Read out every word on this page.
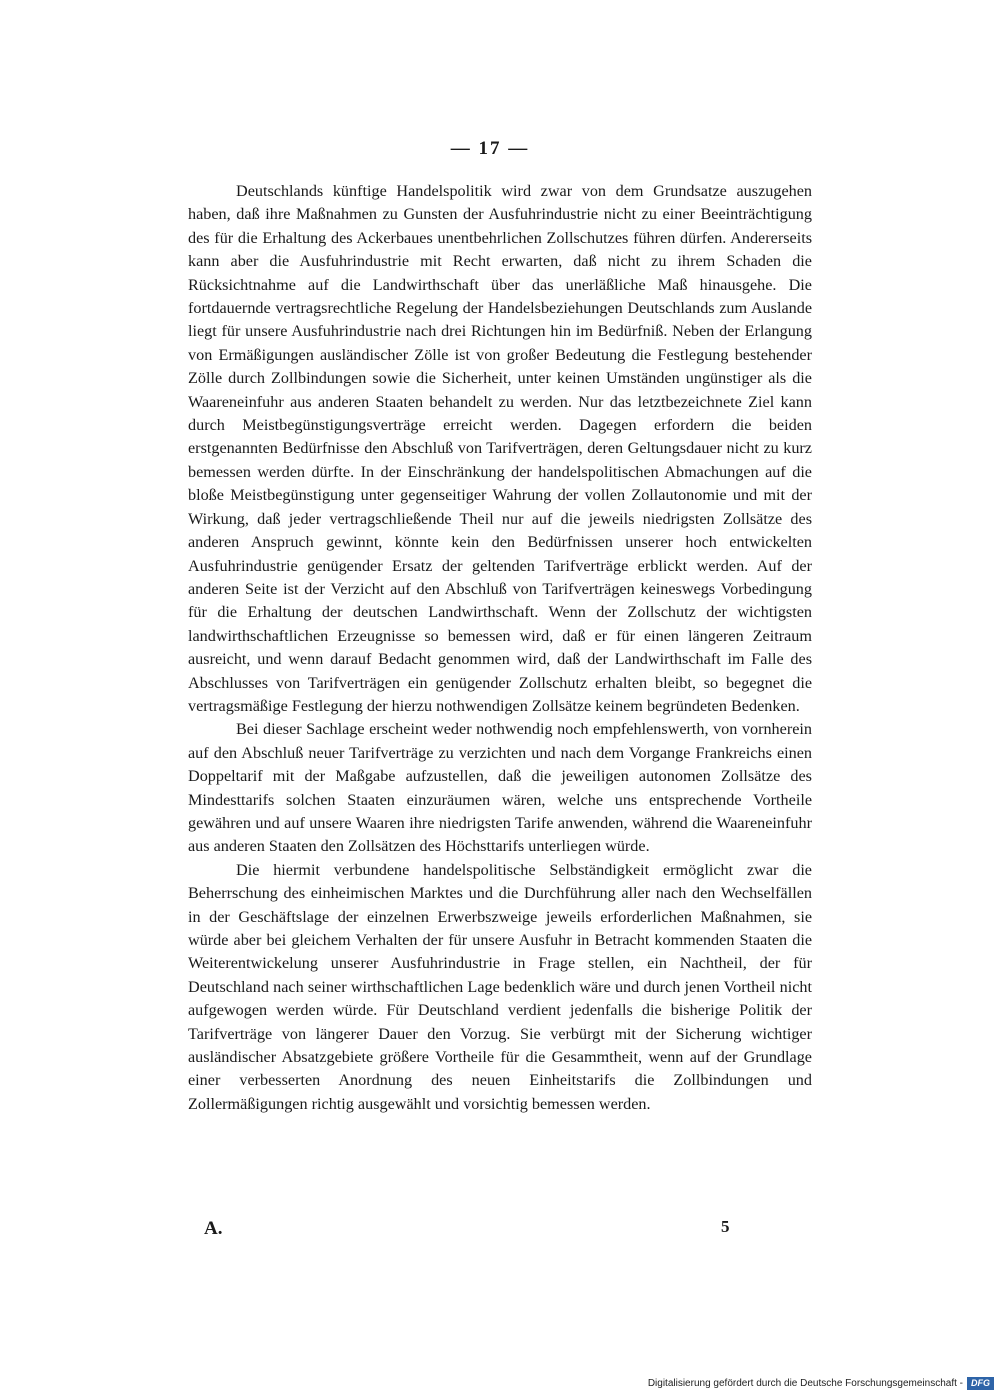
— 17 —

Deutschlands künftige Handelspolitik wird zwar von dem Grundsatze auszugehen haben, daß ihre Maßnahmen zu Gunsten der Ausfuhrindustrie nicht zu einer Beeinträchtigung des für die Erhaltung des Ackerbaues unentbehrlichen Zollschutzes führen dürfen. Andererseits kann aber die Ausfuhrindustrie mit Recht erwarten, daß nicht zu ihrem Schaden die Rücksichtnahme auf die Landwirthschaft über das unerläßliche Maß hinausgehe. Die fortdauernde vertragsrechtliche Regelung der Handelsbeziehungen Deutschlands zum Auslande liegt für unsere Ausfuhrindustrie nach drei Richtungen hin im Bedürfniß. Neben der Erlangung von Ermäßigungen ausländischer Zölle ist von großer Bedeutung die Festlegung bestehender Zölle durch Zollbindungen sowie die Sicherheit, unter keinen Umständen ungünstiger als die Waareneinfuhr aus anderen Staaten behandelt zu werden. Nur das letztbezeichnete Ziel kann durch Meistbegünstigungsverträge erreicht werden. Dagegen erfordern die beiden erstgenannten Bedürfnisse den Abschluß von Tarifverträgen, deren Geltungsdauer nicht zu kurz bemessen werden dürfte. In der Einschränkung der handelspolitischen Abmachungen auf die bloße Meistbegünstigung unter gegenseitiger Wahrung der vollen Zollautonomie und mit der Wirkung, daß jeder vertragschließende Theil nur auf die jeweils niedrigsten Zollsätze des anderen Anspruch gewinnt, könnte kein den Bedürfnissen unserer hoch entwickelten Ausfuhrindustrie genügender Ersatz der geltenden Tarifverträge erblickt werden. Auf der anderen Seite ist der Verzicht auf den Abschluß von Tarifverträgen keineswegs Vorbedingung für die Erhaltung der deutschen Landwirthschaft. Wenn der Zollschutz der wichtigsten landwirthschaftlichen Erzeugnisse so bemessen wird, daß er für einen längeren Zeitraum ausreicht, und wenn darauf Bedacht genommen wird, daß der Landwirthschaft im Falle des Abschlusses von Tarifverträgen ein genügender Zollschutz erhalten bleibt, so begegnet die vertragsmäßige Festlegung der hierzu nothwendigen Zollsätze keinem begründeten Bedenken.

Bei dieser Sachlage erscheint weder nothwendig noch empfehlenswerth, von vornherein auf den Abschluß neuer Tarifverträge zu verzichten und nach dem Vorgange Frankreichs einen Doppeltarif mit der Maßgabe aufzustellen, daß die jeweiligen autonomen Zollsätze des Mindesttarifs solchen Staaten einzuräumen wären, welche uns entsprechende Vortheile gewähren und auf unsere Waaren ihre niedrigsten Tarife anwenden, während die Waareneinfuhr aus anderen Staaten den Zollsätzen des Höchsttarifs unterliegen würde.

Die hiermit verbundene handelspolitische Selbständigkeit ermöglicht zwar die Beherrschung des einheimischen Marktes und die Durchführung aller nach den Wechselfällen in der Geschäftslage der einzelnen Erwerbszweige jeweils erforderlichen Maßnahmen, sie würde aber bei gleichem Verhalten der für unsere Ausfuhr in Betracht kommenden Staaten die Weiterentwickelung unserer Ausfuhrindustrie in Frage stellen, ein Nachtheil, der für Deutschland nach seiner wirthschaftlichen Lage bedenklich wäre und durch jenen Vortheil nicht aufgewogen werden würde. Für Deutschland verdient jedenfalls die bisherige Politik der Tarifverträge von längerer Dauer den Vorzug. Sie verbürgt mit der Sicherung wichtiger ausländischer Absatzgebiete größere Vortheile für die Gesammtheit, wenn auf der Grundlage einer verbesserten Anordnung des neuen Einheitstarifs die Zollbindungen und Zollermäßigungen richtig ausgewählt und vorsichtig bemessen werden.

A.	5
Digitalisierung gefördert durch die Deutsche Forschungsgemeinschaft - DFG
